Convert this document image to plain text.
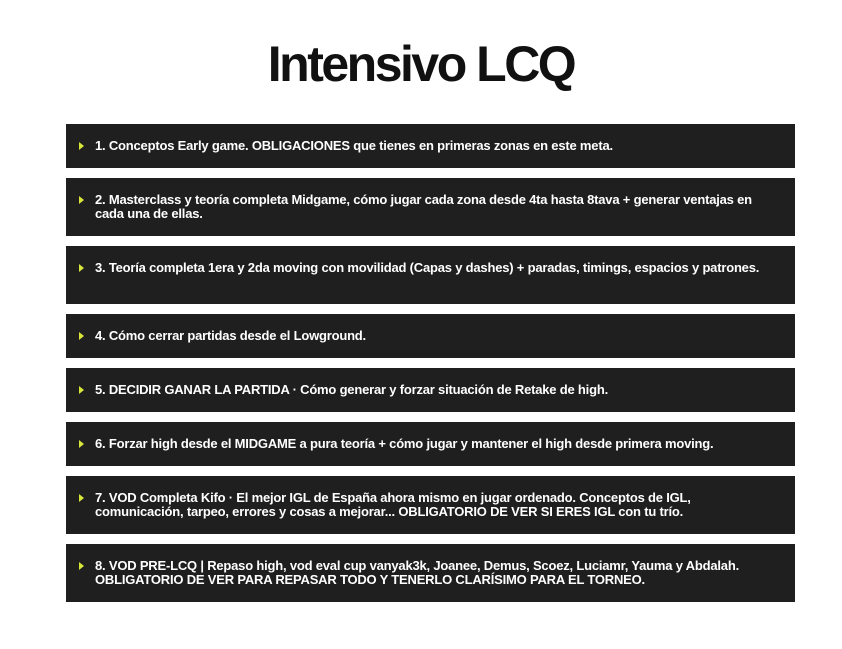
Intensivo LCQ
1. Conceptos Early game. OBLIGACIONES que tienes en primeras zonas en este meta.
2. Masterclass y teoría completa Midgame, cómo jugar cada zona desde 4ta hasta 8tava + generar ventajas en cada una de ellas.
3. Teoría completa 1era y 2da moving con movilidad (Capas y dashes) + paradas, timings, espacios y patrones.
4. Cómo cerrar partidas desde el Lowground.
5. DECIDIR GANAR LA PARTIDA · Cómo generar y forzar situación de Retake de high.
6. Forzar high desde el MIDGAME a pura teoría + cómo jugar y mantener el high desde primera moving.
7. VOD Completa Kifo · El mejor IGL de España ahora mismo en jugar ordenado. Conceptos de IGL, comunicación, tarpeo, errores y cosas a mejorar... OBLIGATORIO DE VER SI ERES IGL con tu trío.
8. VOD PRE-LCQ | Repaso high, vod eval cup vanyak3k, Joanee, Demus, Scoez, Luciamr, Yauma y Abdalah. OBLIGATORIO DE VER PARA REPASAR TODO Y TENERLO CLARÍSIMO PARA EL TORNEO.
